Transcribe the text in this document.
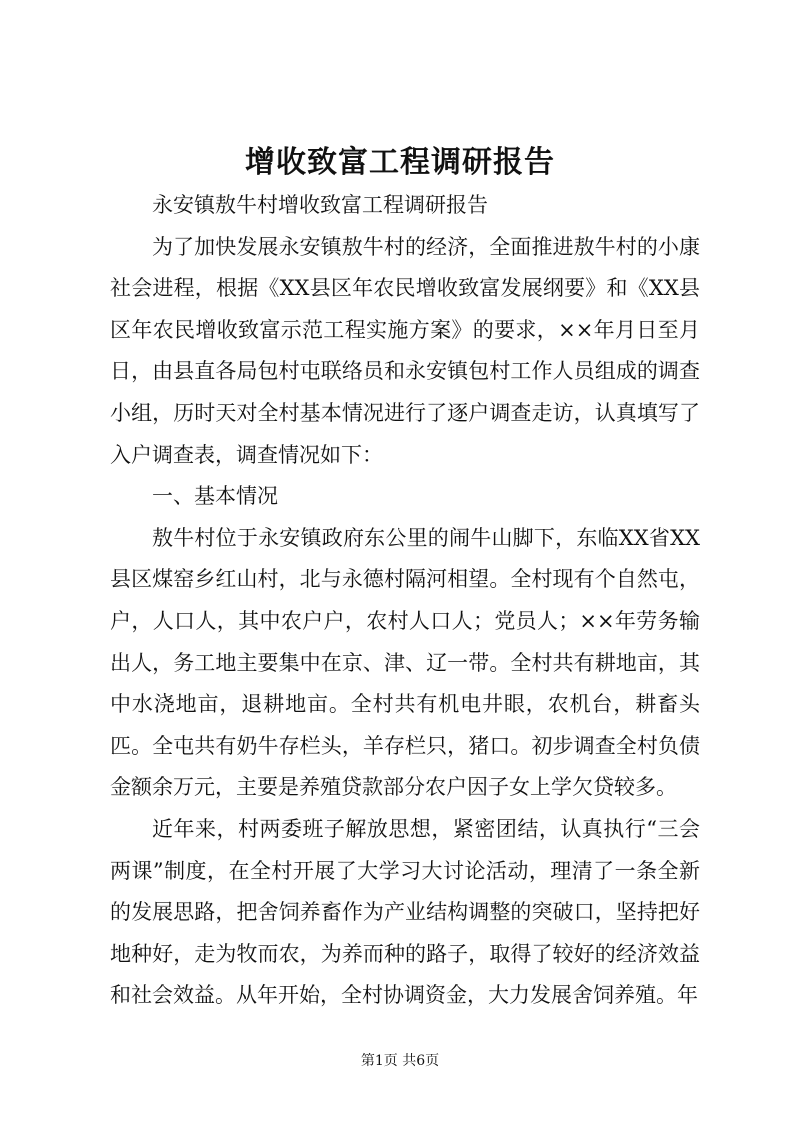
增收致富工程调研报告

永安镇敖牛村增收致富工程调研报告

为了加快发展永安镇敖牛村的经济，全面推进敖牛村的小康社会进程，根据《XX县区年农民增收致富发展纲要》和《XX县区年农民增收致富示范工程实施方案》的要求，××年月日至月日，由县直各局包村屯联络员和永安镇包村工作人员组成的调查小组，历时天对全村基本情况进行了逐户调查走访，认真填写了入户调查表，调查情况如下：

一、基本情况

敖牛村位于永安镇政府东公里的闹牛山脚下，东临XX省XX县区煤窑乡红山村，北与永德村隔河相望。全村现有个自然屯，户，人口人，其中农户户，农村人口人；党员人；××年劳务输出人，务工地主要集中在京、津、辽一带。全村共有耕地亩，其中水浇地亩，退耕地亩。全村共有机电井眼，农机台，耕畜头匹。全屯共有奶牛存栏头，羊存栏只，猪口。初步调查全村负债金额余万元，主要是养殖贷款部分农户因子女上学欠贷较多。

近年来，村两委班子解放思想，紧密团结，认真执行“三会两课”制度，在全村开展了大学习大讨论活动，理清了一条全新的发展思路，把舍饲养畜作为产业结构调整的突破口，坚持把好地种好，走为牧而农，为养而种的路子，取得了较好的经济效益和社会效益。从年开始，全村协调资金，大力发展舍饲养殖。年

第1页 共6页
